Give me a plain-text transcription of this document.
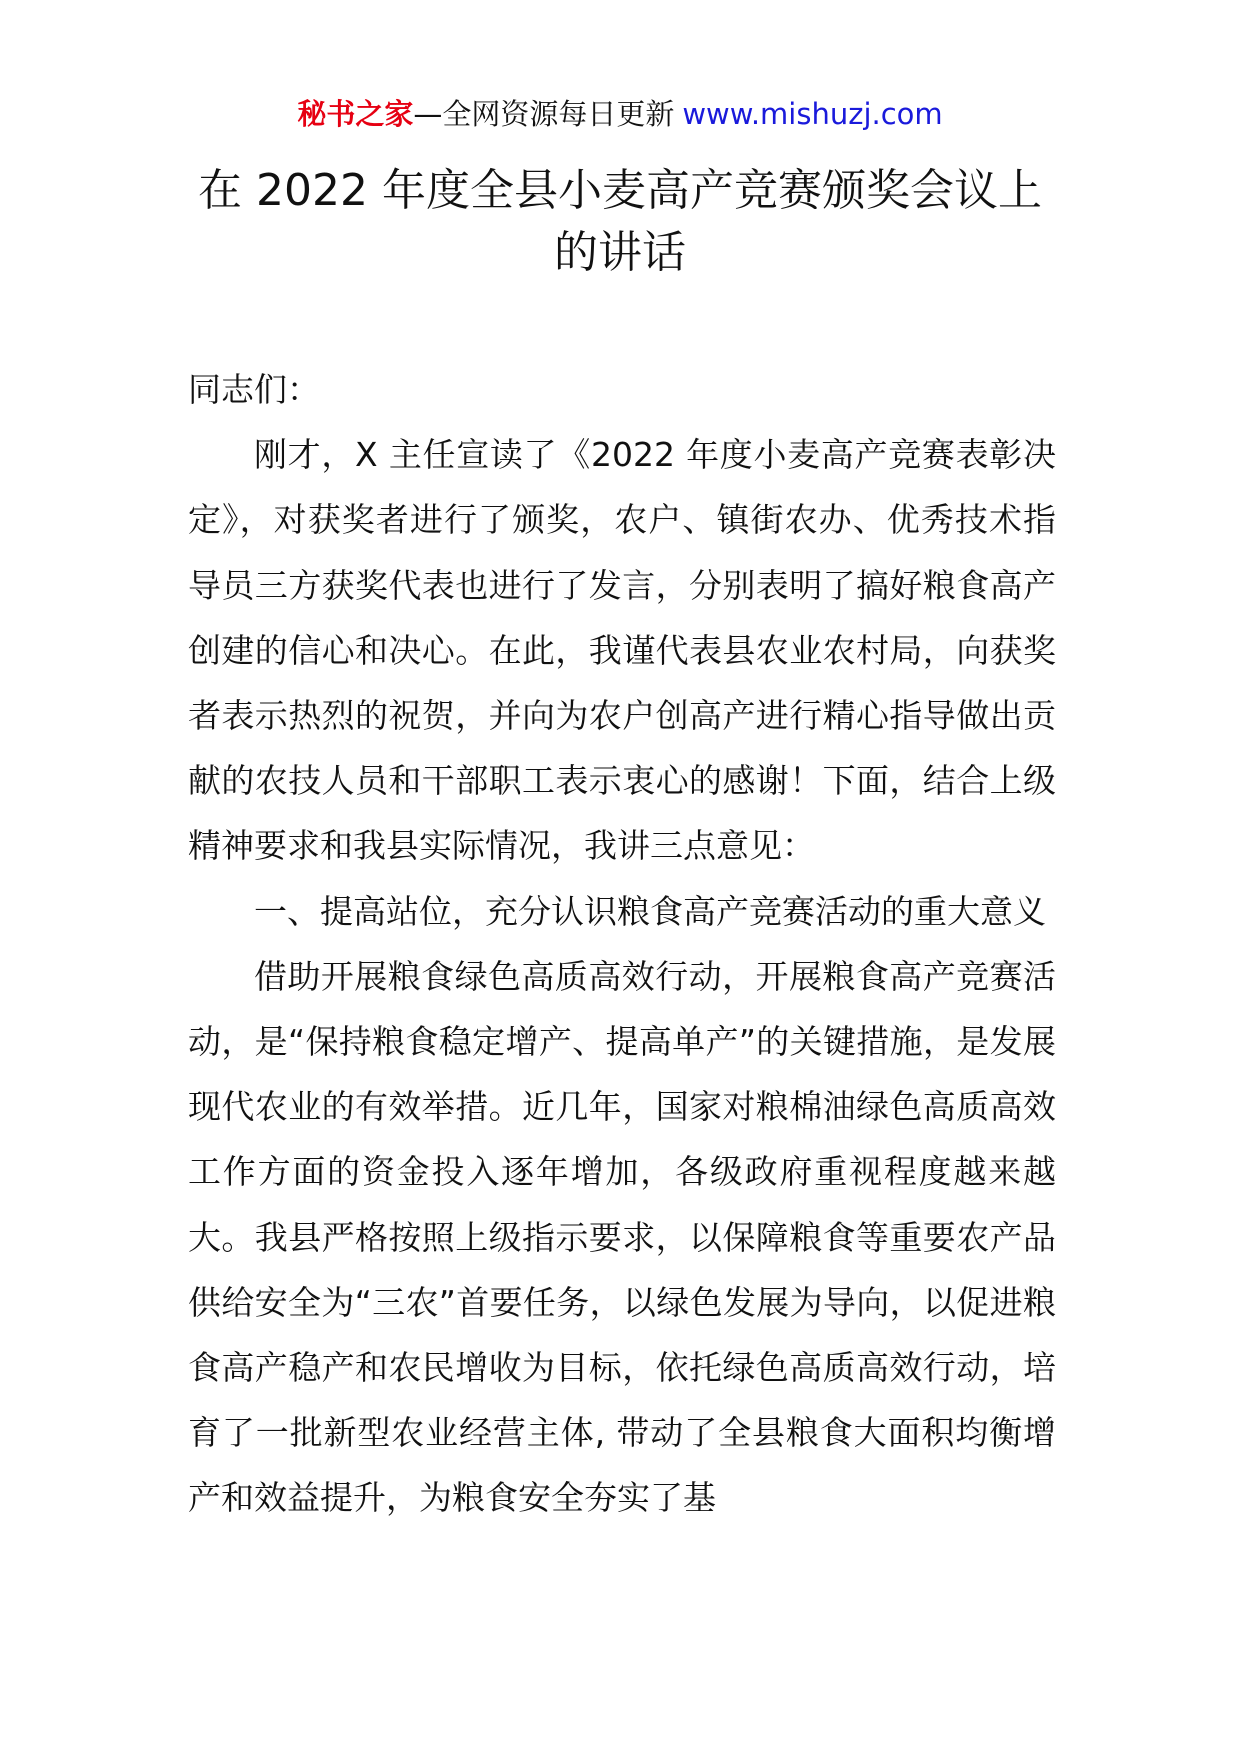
秘书之家—全网资源每日更新 www.mishuzj.com
在 2022 年度全县小麦高产竞赛颁奖会议上的讲话

同志们：

刚才，X 主任宣读了《2022 年度小麦高产竞赛表彰决定》，对获奖者进行了颁奖，农户、镇街农办、优秀技术指导员三方获奖代表也进行了发言，分别表明了搞好粮食高产创建的信心和决心。在此，我谨代表县农业农村局，向获奖者表示热烈的祝贺，并向为农户创高产进行精心指导做出贡献的农技人员和干部职工表示衷心的感谢！下面，结合上级精神要求和我县实际情况，我讲三点意见：

一、提高站位，充分认识粮食高产竞赛活动的重大意义

借助开展粮食绿色高质高效行动，开展粮食高产竞赛活动，是“保持粮食稳定增产、提高单产”的关键措施，是发展现代农业的有效举措。近几年，国家对粮棉油绿色高质高效工作方面的资金投入逐年增加，各级政府重视程度越来越大。我县严格按照上级指示要求，以保障粮食等重要农产品供给安全为“三农”首要任务，以绿色发展为导向，以促进粮食高产稳产和农民增收为目标，依托绿色高质高效行动，培育了一批新型农业经营主体, 带动了全县粮食大面积均衡增产和效益提升，为粮食安全夯实了基
